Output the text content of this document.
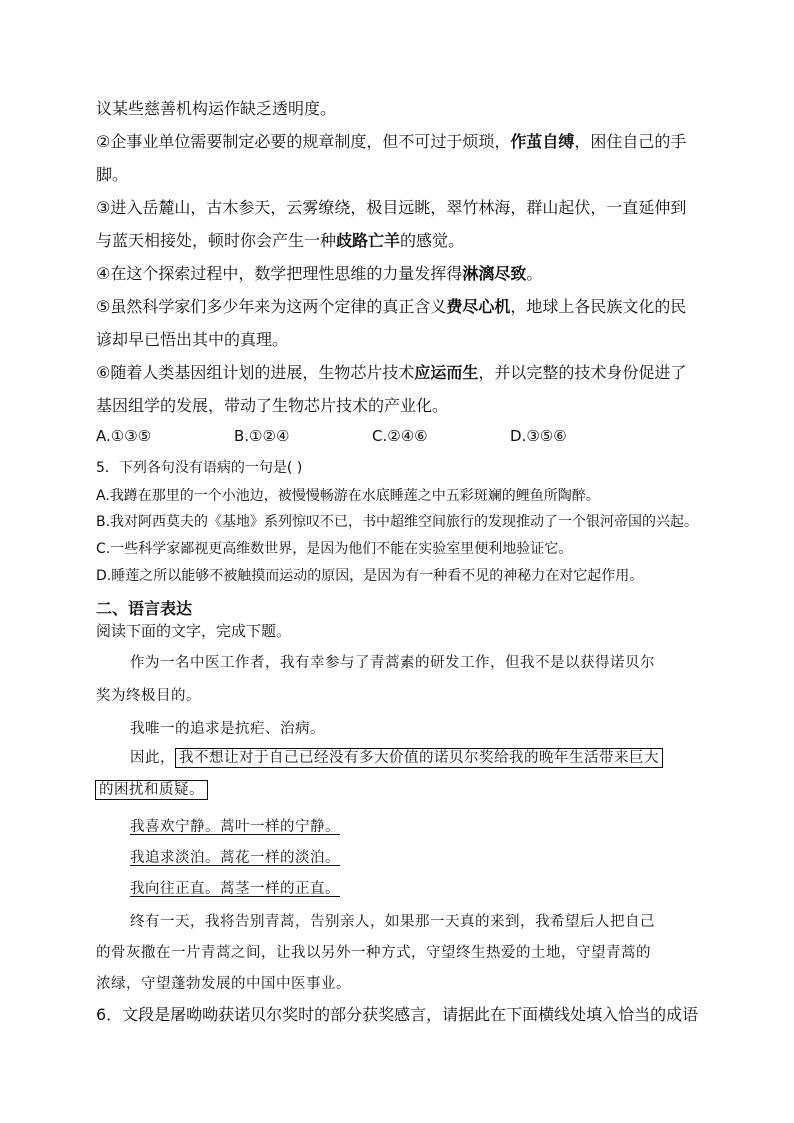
议某些慈善机构运作缺乏透明度。
②企事业单位需要制定必要的规章制度，但不可过于烦琐，作茧自缚，困住自己的手
脚。
③进入岳麓山，古木参天，云雾缭绕，极目远眺，翠竹林海，群山起伏，一直延伸到
与蓝天相接处，顿时你会产生一种歧路亡羊的感觉。
④在这个探索过程中，数学把理性思维的力量发挥得淋漓尽致。
⑤虽然科学家们多少年来为这两个定律的真正含义费尽心机，地球上各民族文化的民
谚却早已悟出其中的真理。
⑥随着人类基因组计划的进展，生物芯片技术应运而生，并以完整的技术身份促进了
基因组学的发展，带动了生物芯片技术的产业化。
A.①③⑤	B.①②④	C.②④⑥	D.③⑤⑥
5．下列各句没有语病的一句是( )
A.我蹲在那里的一个小池边，被慢慢畅游在水底睡莲之中五彩斑斓的鲤鱼所陶醉。
B.我对阿西莫夫的《基地》系列惊叹不已，书中超维空间旅行的发现推动了一个银河帝国的兴起。
C.一些科学家鄙视更高维数世界，是因为他们不能在实验室里便利地验证它。
D.睡莲之所以能够不被触摸而运动的原因，是因为有一种看不见的神秘力在对它起作用。
二、语言表达
阅读下面的文字，完成下题。
作为一名中医工作者，我有幸参与了青蒿素的研发工作，但我不是以获得诺贝尔
奖为终极目的。
我唯一的追求是抗疟、治病。
因此， 我不想让对于自己已经没有多大价值的诺贝尔奖给我的晚年生活带来巨大
的困扰和质疑。
我喜欢宁静。蒿叶一样的宁静。
我追求淡泊。蒿花一样的淡泊。
我向往正直。蒿茎一样的正直。
终有一天，我将告别青蒿，告别亲人，如果那一天真的来到，我希望后人把自己
的骨灰撒在一片青蒿之间，让我以另外一种方式，守望终生热爱的土地，守望青蒿的
浓绿，守望蓬勃发展的中国中医事业。
6．文段是屠呦呦获诺贝尔奖时的部分获奖感言，请据此在下面横线处填入恰当的成语
